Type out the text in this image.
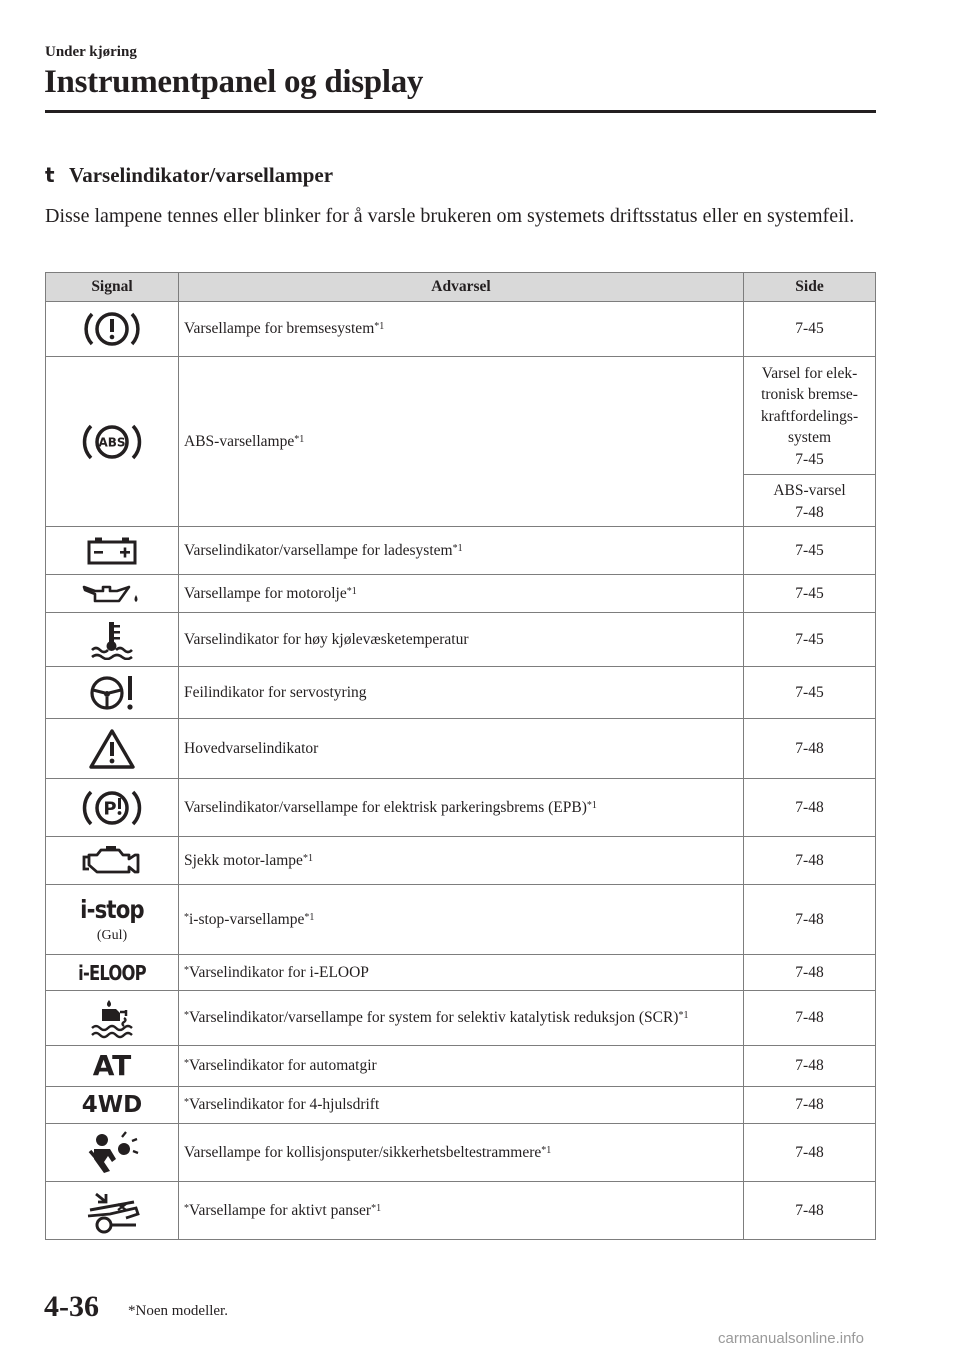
Under kjøring
Instrumentpanel og display
t Varselindikator/varsellamper
Disse lampene tennes eller blinker for å varsle brukeren om systemets driftsstatus eller en systemfeil.
Signal	Advarsel	Side

	Varsellampe for bremsesystem$^{*1}$	7-45

ABS	ABS-varsellampe$^{*1}$	Varsel for elek-
tronisk bremse-
kraftfordelings-
system
7-45
		ABS-varsel
7-48

	Varselindikator/varsellampe for ladesystem$^{*1}$	7-45

	Varsellampe for motorolje$^{*1}$	7-45

	Varselindikator for høy kjølevæsketemperatur	7-45

	Feilindikator for servostyring	7-45

	Hovedvarselindikator	7-48

P	Varselindikator/varsellampe for elektrisk parkeringsbrems (EPB)$^{*1}$	7-48

	Sjekk motor-lampe$^{*1}$	7-48

i-stop
(Gul)	*i-stop-varsellampe$^{*1}$	7-48

i-ELOOP	*Varselindikator for i-ELOOP	7-48

	*Varselindikator/varsellampe for system for selektiv katalytisk reduksjon (SCR)$^{*1}$	7-48

AT	*Varselindikator for automatgir	7-48

4WD	*Varselindikator for 4-hjulsdrift	7-48

	Varsellampe for kollisjonsputer/sikkerhetsbeltestrammere$^{*1}$	7-48

	*Varsellampe for aktivt panser$^{*1}$	7-48
4-36 *Noen modeller.
carmanualsonline.info
